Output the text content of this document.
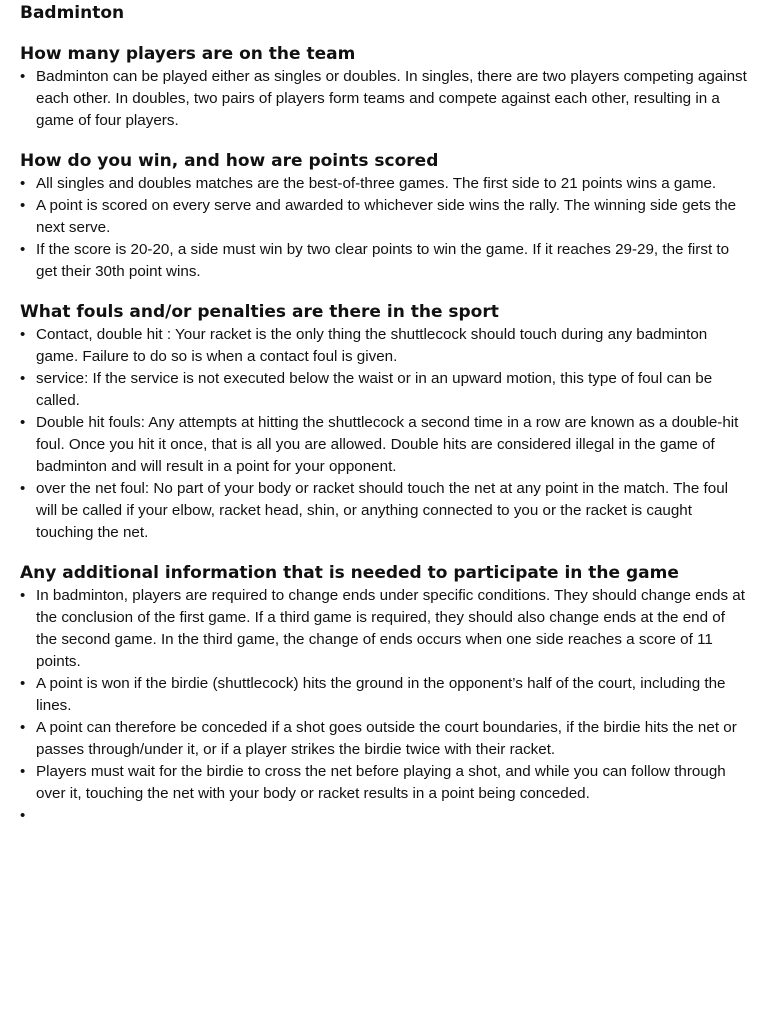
Badminton
How many players are on the team
• Badminton can be played either as singles or doubles. In singles, there are two players competing against each other. In doubles, two pairs of players form teams and compete against each other, resulting in a game of four players.
How do you win, and how are points scored
• All singles and doubles matches are the best-of-three games. The first side to 21 points wins a game.
• A point is scored on every serve and awarded to whichever side wins the rally. The winning side gets the next serve.
• If the score is 20-20, a side must win by two clear points to win the game. If it reaches 29-29, the first to get their 30th point wins.
What fouls and/or penalties are there in the sport
• Contact, double hit : Your racket is the only thing the shuttlecock should touch during any badminton game. Failure to do so is when a contact foul is given.
• service: If the service is not executed below the waist or in an upward motion, this type of foul can be called.
• Double hit fouls: Any attempts at hitting the shuttlecock a second time in a row are known as a double-hit foul. Once you hit it once, that is all you are allowed. Double hits are considered illegal in the game of badminton and will result in a point for your opponent.
• over the net foul: No part of your body or racket should touch the net at any point in the match. The foul will be called if your elbow, racket head, shin, or anything connected to you or the racket is caught touching the net.
Any additional information that is needed to participate in the game
• In badminton, players are required to change ends under specific conditions. They should change ends at the conclusion of the first game. If a third game is required, they should also change ends at the end of the second game. In the third game, the change of ends occurs when one side reaches a score of 11 points.
• A point is won if the birdie (shuttlecock) hits the ground in the opponent’s half of the court, including the lines.
• A point can therefore be conceded if a shot goes outside the court boundaries, if the birdie hits the net or passes through/under it, or if a player strikes the birdie twice with their racket.
• Players must wait for the birdie to cross the net before playing a shot, and while you can follow through over it, touching the net with your body or racket results in a point being conceded.
•
